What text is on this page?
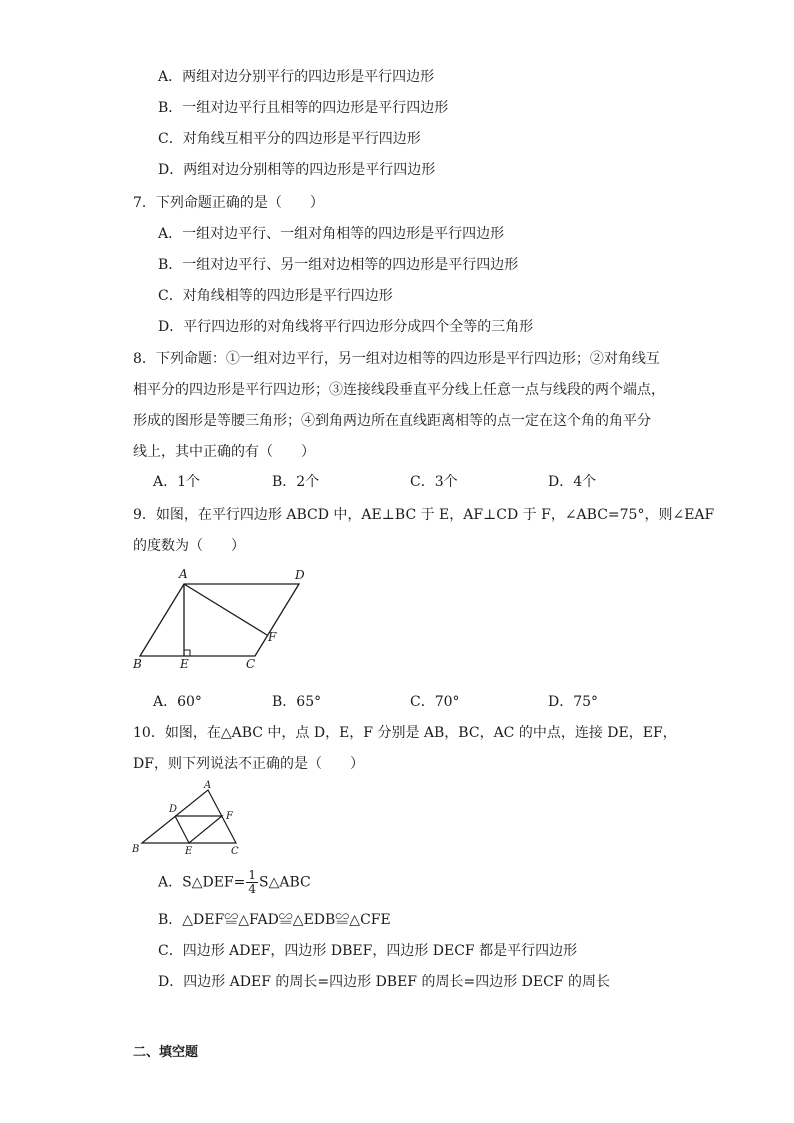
A．两组对边分别平行的四边形是平行四边形
B．一组对边平行且相等的四边形是平行四边形
C．对角线互相平分的四边形是平行四边形
D．两组对边分别相等的四边形是平行四边形
7．下列命题正确的是（　　）
A．一组对边平行、一组对角相等的四边形是平行四边形
B．一组对边平行、另一组对边相等的四边形是平行四边形
C．对角线相等的四边形是平行四边形
D．平行四边形的对角线将平行四边形分成四个全等的三角形
8．下列命题：①一组对边平行，另一组对边相等的四边形是平行四边形；②对角线互
相平分的四边形是平行四边形；③连接线段垂直平分线上任意一点与线段的两个端点，
形成的图形是等腰三角形；④到角两边所在直线距离相等的点一定在这个角的角平分
线上，其中正确的有（　　）
A．1个	B．2个	C．3个	D．4个
9．如图，在平行四边形 ABCD 中，AE⊥BC 于 E，AF⊥CD 于 F，∠ABC=75°，则∠EAF
的度数为（　　）
A	D
F
B	E	C
A．60°	B．65°	C．70°	D．75°
10．如图，在△ABC 中，点 D，E，F 分别是 AB，BC，AC 的中点，连接 DE，EF，
DF，则下列说法不正确的是（　　）
A
D
F
B	E	C
A．S△DEF= $\frac{1}{4}$ S△ABC
B．△DEF≌△FAD≌△EDB≌△CFE
C．四边形 ADEF，四边形 DBEF，四边形 DECF 都是平行四边形
D．四边形 ADEF 的周长=四边形 DBEF 的周长=四边形 DECF 的周长
二、填空题
